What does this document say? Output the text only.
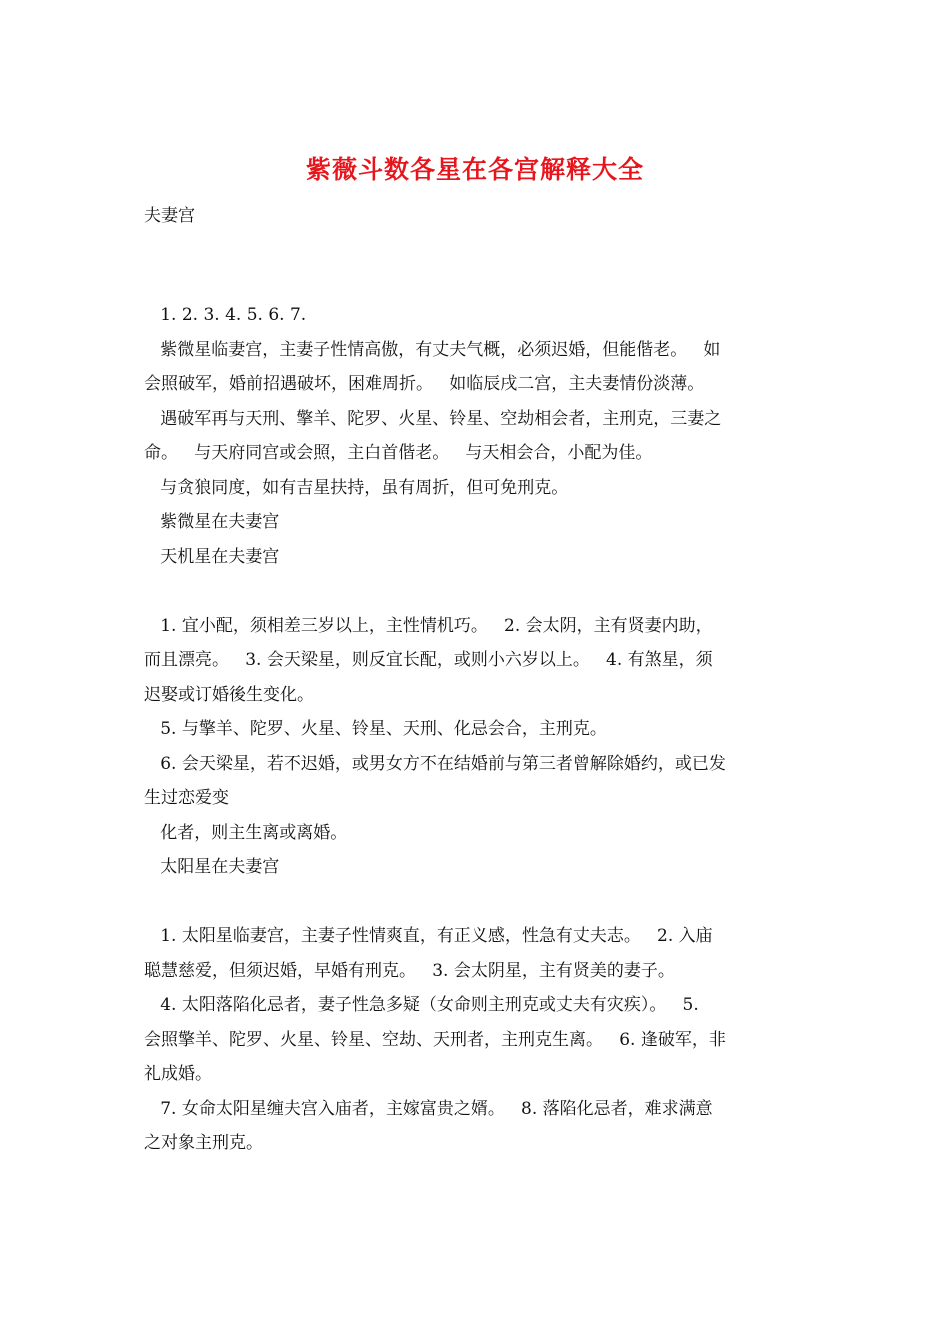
紫薇斗数各星在各宫解释大全
夫妻宫

1. 2. 3. 4. 5. 6. 7.

紫微星临妻宫，主妻子性情高傲，有丈夫气概，必须迟婚，但能偕老。   如

会照破军，婚前招遇破坏，困难周折。   如临辰戌二宫，主夫妻情份淡薄。

遇破军再与天刑、擎羊、陀罗、火星、铃星、空劫相会者，主刑克，三妻之

命。   与天府同宫或会照，主白首偕老。   与天相会合，小配为佳。

与贪狼同度，如有吉星扶持，虽有周折，但可免刑克。

紫微星在夫妻宫

天机星在夫妻宫

1. 宜小配，须相差三岁以上，主性情机巧。   2. 会太阴，主有贤妻内助，

而且漂亮。   3. 会天梁星，则反宜长配，或则小六岁以上。   4. 有煞星，须

迟娶或订婚後生变化。

5. 与擎羊、陀罗、火星、铃星、天刑、化忌会合，主刑克。

6. 会天梁星，若不迟婚，或男女方不在结婚前与第三者曾解除婚约，或已发

生过恋爱变

化者，则主生离或离婚。

太阳星在夫妻宫

1. 太阳星临妻宫，主妻子性情爽直，有正义感，性急有丈夫志。   2. 入庙

聪慧慈爱，但须迟婚，早婚有刑克。   3. 会太阴星，主有贤美的妻子。

4. 太阳落陷化忌者，妻子性急多疑（女命则主刑克或丈夫有灾疾）。   5.

会照擎羊、陀罗、火星、铃星、空劫、天刑者，主刑克生离。   6. 逢破军，非

礼成婚。

7. 女命太阳星缠夫宫入庙者，主嫁富贵之婿。   8. 落陷化忌者，难求满意

之对象主刑克。
